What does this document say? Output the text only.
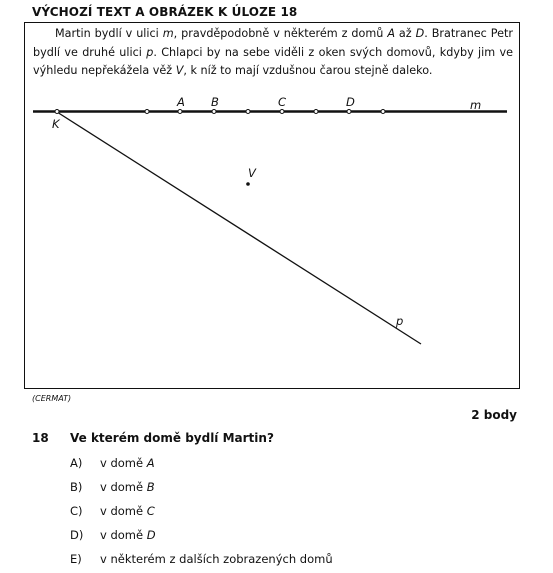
VÝCHOZÍ TEXT A OBRÁZEK K ÚLOZE 18
Martin bydlí v ulici m, pravděpodobně v některém z domů A až D. Bratranec Petr bydlí ve druhé ulici p. Chlapci by na sebe viděli z oken svých domovů, kdyby jim ve výhledu nepřekážela věž V, k níž to mají vzdušnou čarou stejně daleko.
A B	C	D	m
K
V
p
(CERMAT)
2 body
18 Ve kterém domě bydlí Martin?
A)	v domě A
B)	v domě B
C)	v domě C
D)	v domě D
E)	v některém z dalších zobrazených domů
